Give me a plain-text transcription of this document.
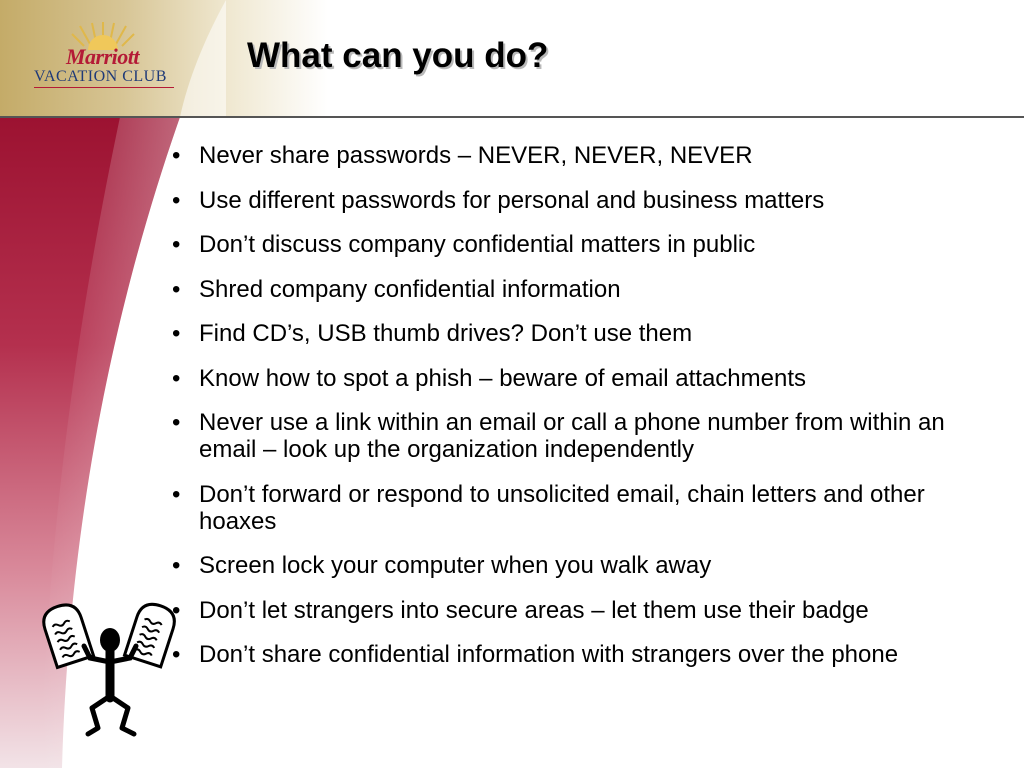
Marriott
VACATION CLUB
What can you do?
• Never share passwords – NEVER, NEVER, NEVER
• Use different passwords for personal and business matters
• Don’t discuss company confidential matters in public
• Shred company confidential information
• Find CD’s, USB thumb drives? Don’t use them
• Know how to spot a phish – beware of email attachments
• Never use a link within an email or call a phone number from within an email – look up the organization independently
• Don’t forward or respond to unsolicited email, chain letters and other hoaxes
• Screen lock your computer when you walk away
• Don’t let strangers into secure areas – let them use their badge
• Don’t share confidential information with strangers over the phone
